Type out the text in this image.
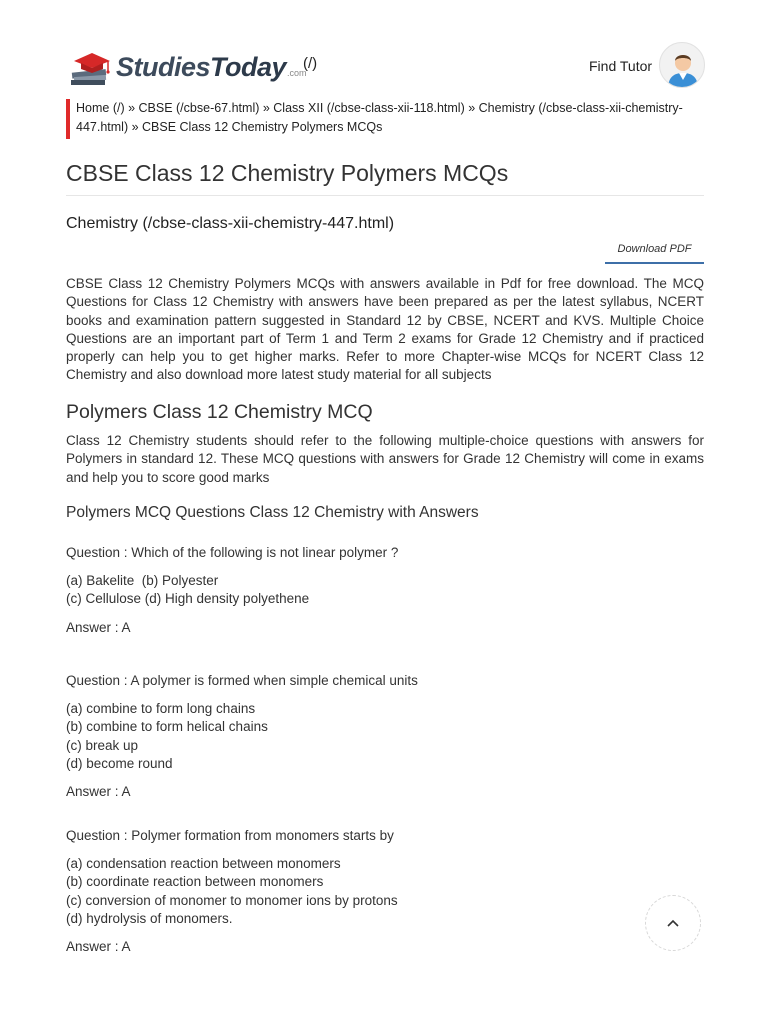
StudiesToday .com
(/)	Find Tutor
Home (/) » CBSE (/cbse-67.html) » Class XII (/cbse-class-xii-118.html) » Chemistry (/cbse-class-xii-chemistry-
447.html) » CBSE Class 12 Chemistry Polymers MCQs
CBSE Class 12 Chemistry Polymers MCQs
Chemistry (/cbse-class-xii-chemistry-447.html)
Download PDF

CBSE Class 12 Chemistry Polymers MCQs with answers available in Pdf for free download. The MCQ Questions for Class 12 Chemistry with answers have been prepared as per the latest syllabus, NCERT books and examination pattern suggested in Standard 12 by CBSE, NCERT and KVS. Multiple Choice Questions are an important part of Term 1 and Term 2 exams for Grade 12 Chemistry and if practiced properly can help you to get higher marks. Refer to more Chapter-wise MCQs for NCERT Class 12 Chemistry and also download more latest study material for all subjects

Polymers Class 12 Chemistry MCQ

Class 12 Chemistry students should refer to the following multiple-choice questions with answers for Polymers in standard 12. These MCQ questions with answers for Grade 12 Chemistry will come in exams and help you to score good marks

Polymers MCQ Questions Class 12 Chemistry with Answers
Question : Which of the following is not linear polymer ?
(a) Bakelite  (b) Polyester
(c) Cellulose (d) High density polyethene
Answer : A
Question : A polymer is formed when simple chemical units
(a) combine to form long chains
(b) combine to form helical chains
(c) break up
(d) become round
Answer : A
Question : Polymer formation from monomers starts by
(a) condensation reaction between monomers
(b) coordinate reaction between monomers
(c) conversion of monomer to monomer ions by protons
(d) hydrolysis of monomers.
Answer : A
